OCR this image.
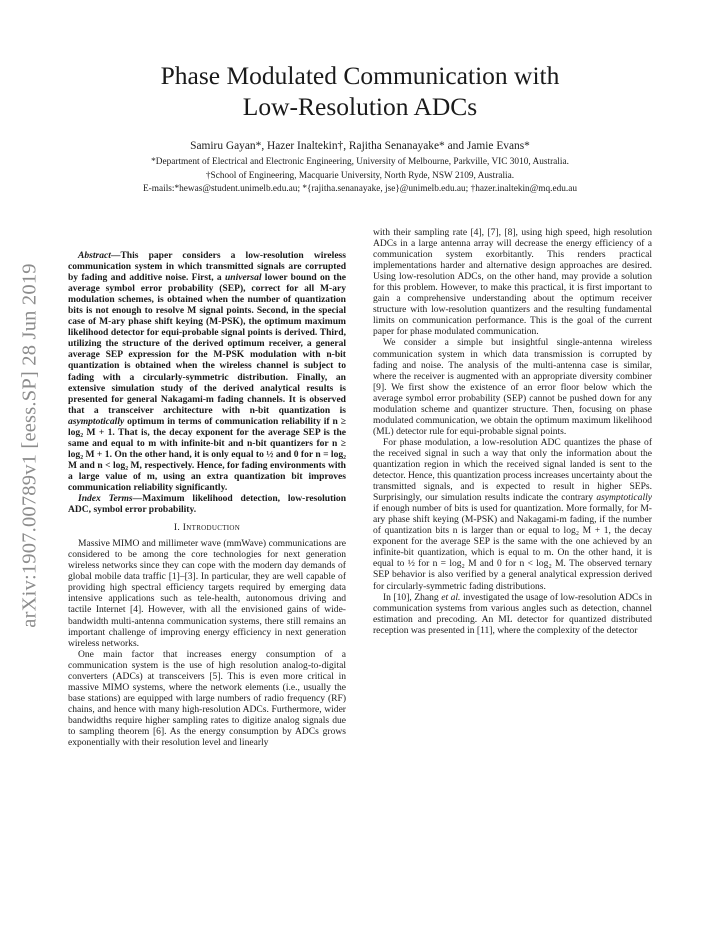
arXiv:1907.00789v1 [eess.SP] 28 Jun 2019
Phase Modulated Communication with
Low-Resolution ADCs
Samiru Gayan*, Hazer Inaltekin†, Rajitha Senanayake* and Jamie Evans*
*Department of Electrical and Electronic Engineering, University of Melbourne, Parkville, VIC 3010, Australia.
†School of Engineering, Macquarie University, North Ryde, NSW 2109, Australia.
E-mails:*hewas@student.unimelb.edu.au; *{rajitha.senanayake, jse}@unimelb.edu.au; †hazer.inaltekin@mq.edu.au

Abstract—This paper considers a low-resolution wireless communication system in which transmitted signals are corrupted by fading and additive noise. First, a universal lower bound on the average symbol error probability (SEP), correct for all M-ary modulation schemes, is obtained when the number of quantization bits is not enough to resolve M signal points. Second, in the special case of M-ary phase shift keying (M-PSK), the optimum maximum likelihood detector for equi-probable signal points is derived. Third, utilizing the structure of the derived optimum receiver, a general average SEP expression for the M-PSK modulation with n-bit quantization is obtained when the wireless channel is subject to fading with a circularly-symmetric distribution. Finally, an extensive simulation study of the derived analytical results is presented for general Nakagami-m fading channels. It is observed that a transceiver architecture with n-bit quantization is asymptotically optimum in terms of communication reliability if n ≥ log₂ M + 1. That is, the decay exponent for the average SEP is the same and equal to m with infinite-bit and n-bit quantizers for n ≥ log₂ M + 1. On the other hand, it is only equal to ½ and 0 for n = log₂ M and n < log₂ M, respectively. Hence, for fading environments with a large value of m, using an extra quantization bit improves communication reliability significantly.

Index Terms—Maximum likelihood detection, low-resolution ADC, symbol error probability.

I. Introduction

Massive MIMO and millimeter wave (mmWave) communications are considered to be among the core technologies for next generation wireless networks since they can cope with the modern day demands of global mobile data traffic [1]–[3]. In particular, they are well capable of providing high spectral efficiency targets required by emerging data intensive applications such as tele-health, autonomous driving and tactile Internet [4]. However, with all the envisioned gains of wide-bandwidth multi-antenna communication systems, there still remains an important challenge of improving energy efficiency in next generation wireless networks.

One main factor that increases energy consumption of a communication system is the use of high resolution analog-to-digital converters (ADCs) at transceivers [5]. This is even more critical in massive MIMO systems, where the network elements (i.e., usually the base stations) are equipped with large numbers of radio frequency (RF) chains, and hence with many high-resolution ADCs. Furthermore, wider bandwidths require higher sampling rates to digitize analog signals due to sampling theorem [6]. As the energy consumption by ADCs grows exponentially with their resolution level and linearly

with their sampling rate [4], [7], [8], using high speed, high resolution ADCs in a large antenna array will decrease the energy efficiency of a communication system exorbitantly. This renders practical implementations harder and alternative design approaches are desired. Using low-resolution ADCs, on the other hand, may provide a solution for this problem. However, to make this practical, it is first important to gain a comprehensive understanding about the optimum receiver structure with low-resolution quantizers and the resulting fundamental limits on communication performance. This is the goal of the current paper for phase modulated communication.

We consider a simple but insightful single-antenna wireless communication system in which data transmission is corrupted by fading and noise. The analysis of the multi-antenna case is similar, where the receiver is augmented with an appropriate diversity combiner [9]. We first show the existence of an error floor below which the average symbol error probability (SEP) cannot be pushed down for any modulation scheme and quantizer structure. Then, focusing on phase modulated communication, we obtain the optimum maximum likelihood (ML) detector rule for equi-probable signal points.

For phase modulation, a low-resolution ADC quantizes the phase of the received signal in such a way that only the information about the quantization region in which the received signal landed is sent to the detector. Hence, this quantization process increases uncertainty about the transmitted signals, and is expected to result in higher SEPs. Surprisingly, our simulation results indicate the contrary asymptotically if enough number of bits is used for quantization. More formally, for M-ary phase shift keying (M-PSK) and Nakagami-m fading, if the number of quantization bits n is larger than or equal to log₂ M + 1, the decay exponent for the average SEP is the same with the one achieved by an infinite-bit quantization, which is equal to m. On the other hand, it is equal to ½ for n = log₂ M and 0 for n < log₂ M. The observed ternary SEP behavior is also verified by a general analytical expression derived for circularly-symmetric fading distributions.

In [10], Zhang et al. investigated the usage of low-resolution ADCs in communication systems from various angles such as detection, channel estimation and precoding. An ML detector for quantized distributed reception was presented in [11], where the complexity of the detector
